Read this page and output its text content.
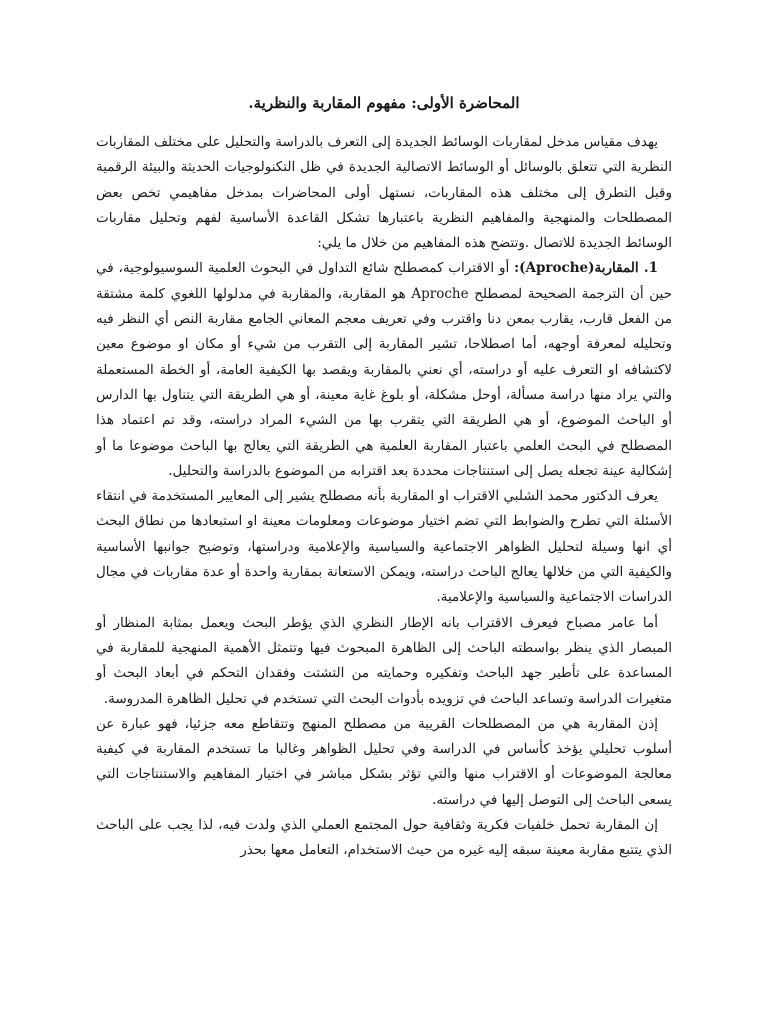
المحاضرة الأولى: مفهوم المقاربة والنظرية.

يهدف مقياس مدخل لمقاربات الوسائط الجديدة إلى التعرف بالدراسة والتحليل على مختلف المقاربات النظرية التي تتعلق بالوسائل أو الوسائط الاتصالية الجديدة في ظل التكنولوجيات الحديثة والبيئة الرقمية وقبل التطرق إلى مختلف هذه المقاربات، نستهل أولى المحاضرات بمدخل مفاهيمي تخص بعض المصطلحات والمنهجية والمفاهيم النظرية باعتبارها تشكل القاعدة الأساسية لفهم وتحليل مقاربات الوسائط الجديدة للاتصال .وتتضح هذه المفاهيم من خلال ما يلي:

1. المقاربة(Aproche): أو الاقتراب كمصطلح شائع التداول في البحوث العلمية السوسيولوجية، في حين أن الترجمة الصحيحة لمصطلح Aproche هو المقاربة، والمقاربة في مدلولها اللغوي كلمة مشتقة من الفعل قارب، يقارب بمعن دنا واقترب وفي تعريف معجم المعاني الجامع مقاربة النص أي النظر فيه وتحليله لمعرفة أوجهه، أما اصطلاحا، تشير المقاربة إلى التقرب من شيء أو مكان او موضوع معين لاكتشافه او التعرف عليه أو دراسته، أي نعني بالمقاربة ويقصد بها الكيفية العامة، أو الخطة المستعملة والتي يراد منها دراسة مسألة، أوحل مشكلة، أو بلوغ غاية معينة، أو هي الطريقة التي يتناول بها الدارس أو الباحث الموضوع، أو هي الطريقة التي يتقرب بها من الشيء المراد دراسته، وقد تم اعتماد هذا المصطلح في البحث العلمي باعتبار المقاربة العلمية هي الطريقة التي يعالج بها الباحث موضوعا ما أو إشكالية عينة تجعله يصل إلى استنتاجات محددة بعد اقترابه من الموضوع بالدراسة والتحليل.

يعرف الدكتور محمد الشلبي الاقتراب او المقاربة بأنه مصطلح يشير إلى المعايير المستخدمة في انتقاء الأسئلة التي تطرح والضوابط التي تضم اختيار موضوعات ومعلومات معينة او استبعادها من نطاق البحث أي انها وسيلة لتحليل الظواهر الاجتماعية والسياسية والإعلامية ودراستها، وتوضيح جوانبها الأساسية والكيفية التي من خلالها يعالج الباحث دراسته، ويمكن الاستعانة بمقاربة واحدة أو عدة مقاربات في مجال الدراسات الاجتماعية والسياسية والإعلامية.

أما عامر مصباح فيعرف الاقتراب بانه الإطار النظري الذي يؤطر البحث ويعمل بمثابة المنظار أو المبصار الذي ينظر بواسطته الباحث إلى الظاهرة المبحوث فيها وتتمثل الأهمية المنهجية للمقاربة في المساعدة على تأطير جهد الباحث وتفكيره وحمايته من التشتت وفقدان التحكم في أبعاد البحث أو متغيرات الدراسة وتساعد الباحث في تزويده بأدوات البحث التي تستخدم في تحليل الظاهرة المدروسة.

إذن المقاربة هي من المصطلحات القريبة من مصطلح المنهج وتتقاطع معه جزئيا، فهو عبارة عن أسلوب تحليلي يؤخذ كأساس في الدراسة وفي تحليل الظواهر وغالبا ما تستخدم المقاربة في كيفية معالجة الموضوعات أو الاقتراب منها والتي تؤثر بشكل مباشر في اختيار المفاهيم والاستنتاجات التي يسعى الباحث إلى التوصل إليها في دراسته.

إن المقاربة تحمل خلفيات فكرية وثقافية حول المجتمع العملي الذي ولدت فيه، لذا يجب على الباحث الذي يتتبع مقاربة معينة سبقه إليه غيره من حيث الاستخدام، التعامل معها بحذر
